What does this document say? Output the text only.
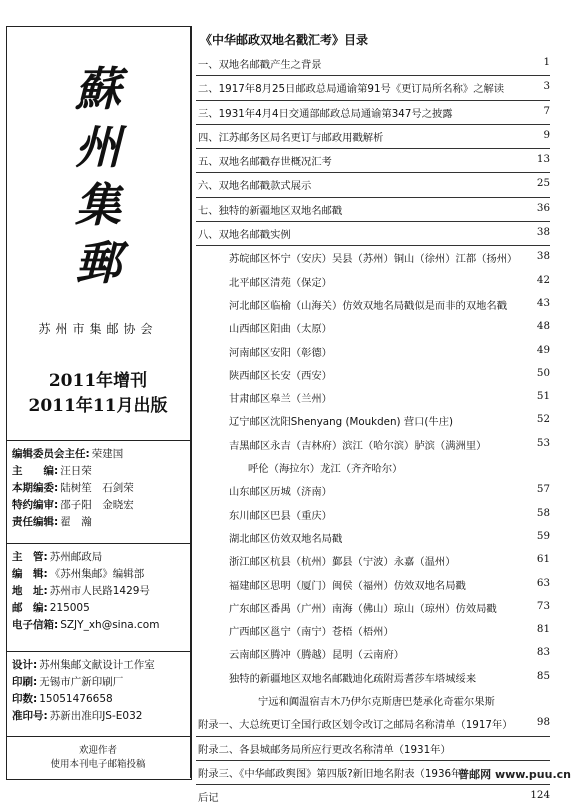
蘇
州
集
郵
苏州市集邮协会
2011年增刊
2011年11月出版
编辑委员会主任: 荣建国
主　　编: 汪日荣
本期编委: 陆树笙　石剑荣
特约编审: 邵子阳　金晓宏
责任编辑: 翟　瀚
主　管: 苏州邮政局
编　辑: 《苏州集邮》编辑部
地　址: 苏州市人民路1429号
邮　编: 215005
电子信箱: SZJY_xh@sina.com
设计: 苏州集邮文献设计工作室
印刷: 无锡市广新印刷厂
印数: 15051476658
准印号: 苏新出准印JS-E032
欢迎作者
使用本刊电子邮箱投稿
《中华邮政双地名戳汇考》目录
一、双地名邮戳产生之背景	1
二、1917年8月25日邮政总局通谕第91号《更订局所名称》之解读	3
三、1931年4月4日交通部邮政总局通谕第347号之披露	7
四、江苏邮务区局名更订与邮政用戳解析	9
五、双地名邮戳存世概况汇考	13
六、双地名邮戳款式展示	25
七、独特的新疆地区双地名邮戳	36
八、双地名邮戳实例	38
苏皖邮区怀宁（安庆）吴县（苏州）铜山（徐州）江都（扬州） 38
北平邮区清苑（保定）	42
河北邮区临榆（山海关）仿效双地名局戳似是而非的双地名戳	43
山西邮区阳曲（太原）	48
河南邮区安阳（彰德）	49
陕西邮区长安（西安）	50
甘肃邮区皋兰（兰州）	51
辽宁邮区沈阳Shenyang (Moukden) 营口(牛庄)	52
吉黑邮区永吉（吉林府）滨江（哈尔滨）胪滨（满洲里）	53
呼伦（海拉尔）龙江（齐齐哈尔）
山东邮区历城（济南）	57
东川邮区巴县（重庆）	58
湖北邮区仿效双地名局戳	59
浙江邮区杭县（杭州）鄞县（宁波）永嘉（温州）	61
福建邮区思明（厦门）闽侯（福州）仿效双地名局戳	63
广东邮区番禺（广州）南海（佛山）琼山（琼州）仿效局戳	73
广西邮区邕宁（南宁）苍梧（梧州）	81
云南邮区腾冲（腾越）昆明（云南府）	83
独特的新疆地区双地名邮戳迪化疏附焉耆莎车塔城绥来	85
宁远和阗温宿吉木乃伊尔克斯唐巴楚承化奇霍尔果斯
附录一、大总统更订全国行政区划令改订之邮局名称清单（1917年） 98
附录二、各县城邮务局所应行更改名称清单（1931年）
附录三、《中华邮政舆图》第四版?新旧地名附表（1936年）
后记	124
普邮网 www.puu.cn
